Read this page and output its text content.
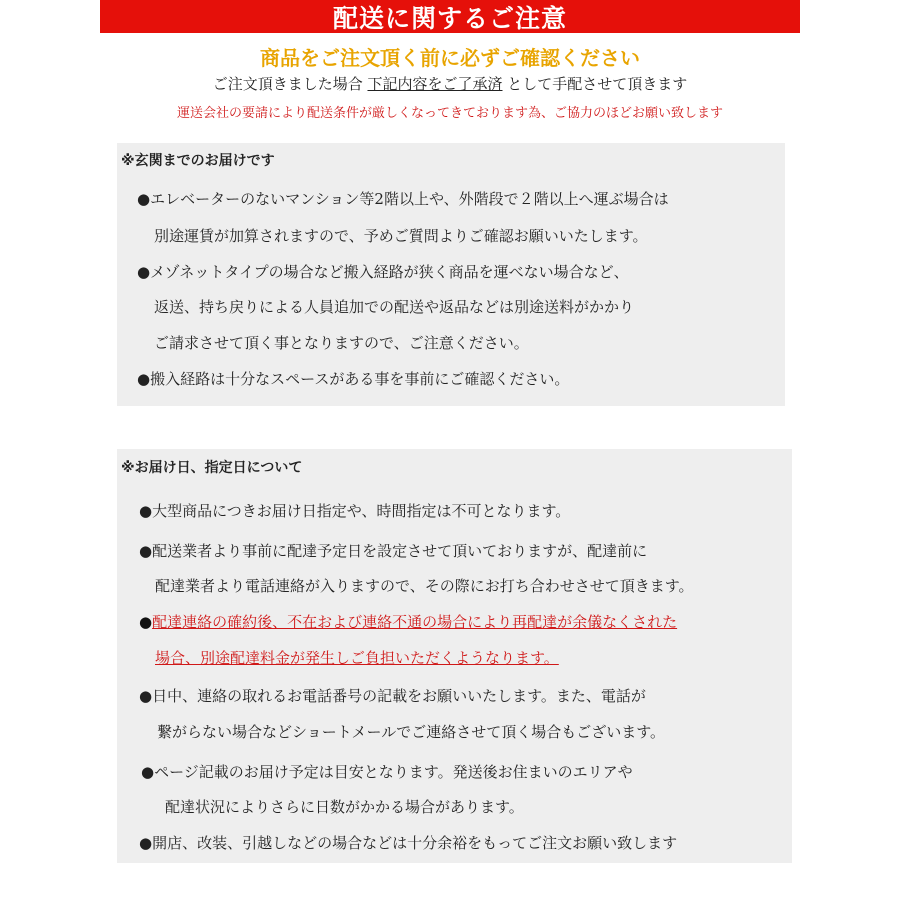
配送に関するご注意
商品をご注文頂く前に必ずご確認ください
ご注文頂きました場合 下記内容をご了承済 として手配させて頂きます
運送会社の要請により配送条件が厳しくなってきております為、ご協力のほどお願い致します
※玄関までのお届けです
●エレベーターのないマンション等2階以上や、外階段で２階以上へ運ぶ場合は
別途運賃が加算されますので、予めご質問よりご確認お願いいたします。
●メゾネットタイプの場合など搬入経路が狭く商品を運べない場合など、
返送、持ち戻りによる人員追加での配送や返品などは別途送料がかかり
ご請求させて頂く事となりますので、ご注意ください。
●搬入経路は十分なスペースがある事を事前にご確認ください。
※お届け日、指定日について
●大型商品につきお届け日指定や、時間指定は不可となります。
●配送業者より事前に配達予定日を設定させて頂いておりますが、配達前に
配達業者より電話連絡が入りますので、その際にお打ち合わせさせて頂きます。
●配達連絡の確約後、不在および連絡不通の場合により再配達が余儀なくされた
場合、別途配達料金が発生しご負担いただくようなります。
●日中、連絡の取れるお電話番号の記載をお願いいたします。また、電話が
繋がらない場合などショートメールでご連絡させて頂く場合もございます。
●ページ記載のお届け予定は目安となります。発送後お住まいのエリアや
配達状況によりさらに日数がかかる場合があります。
●開店、改装、引越しなどの場合などは十分余裕をもってご注文お願い致します
